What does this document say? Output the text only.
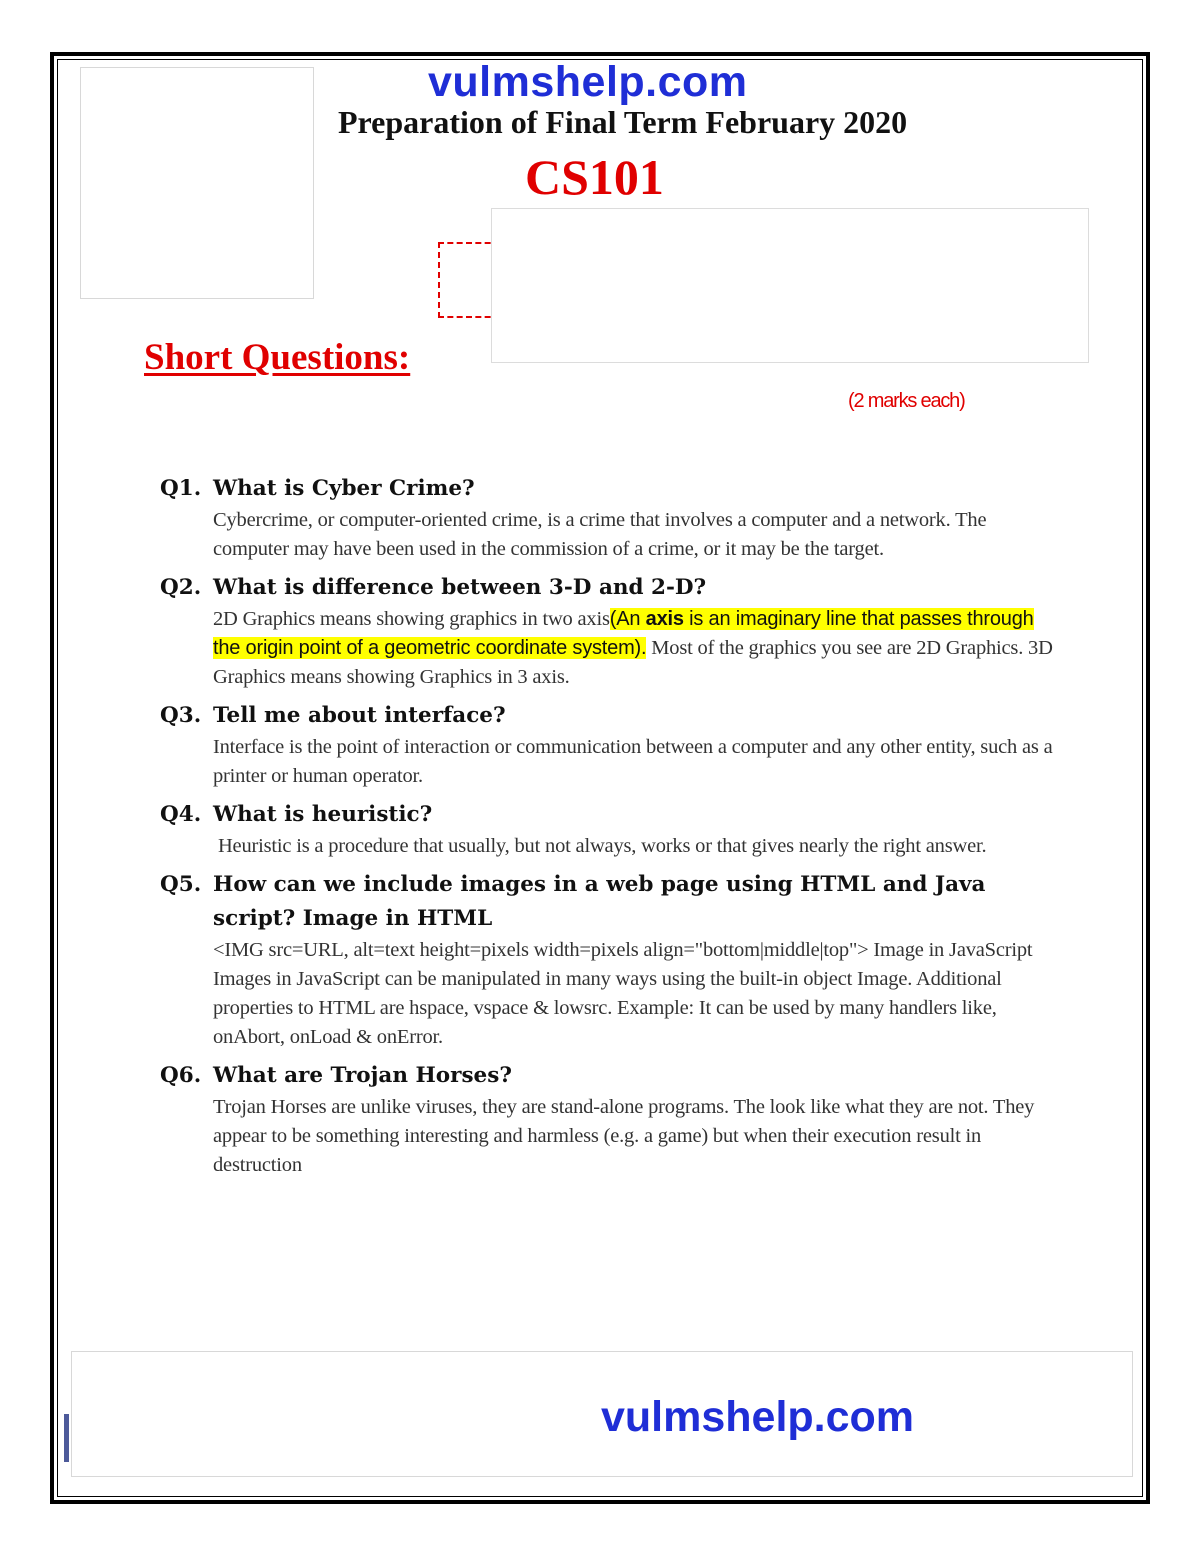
vulmshelp.com
Preparation of Final Term February 2020
CS101
Short Questions:
(2 marks each)
Q1. What is Cyber Crime?
Cybercrime, or computer-oriented crime, is a crime that involves a computer and a network. The computer may have been used in the commission of a crime, or it may be the target.
Q2. What is difference between 3-D and 2-D?
2D Graphics means showing graphics in two axis(An axis is an imaginary line that passes through the origin point of a geometric coordinate system). Most of the graphics you see are 2D Graphics. 3D Graphics means showing Graphics in 3 axis.
Q3. Tell me about interface?
Interface is the point of interaction or communication between a computer and any other entity, such as a printer or human operator.
Q4. What is heuristic?
Heuristic is a procedure that usually, but not always, works or that gives nearly the right answer.
Q5. How can we include images in a web page using HTML and Java script? Image in HTML
<IMG src=URL, alt=text height=pixels width=pixels align="bottom|middle|top"> Image in JavaScript Images in JavaScript can be manipulated in many ways using the built-in object Image. Additional properties to HTML are hspace, vspace & lowsrc. Example: It can be used by many handlers like, onAbort, onLoad & onError.
Q6. What are Trojan Horses?
Trojan Horses are unlike viruses, they are stand-alone programs. The look like what they are not. They appear to be something interesting and harmless (e.g. a game) but when their execution result in destruction
vulmshelp.com
